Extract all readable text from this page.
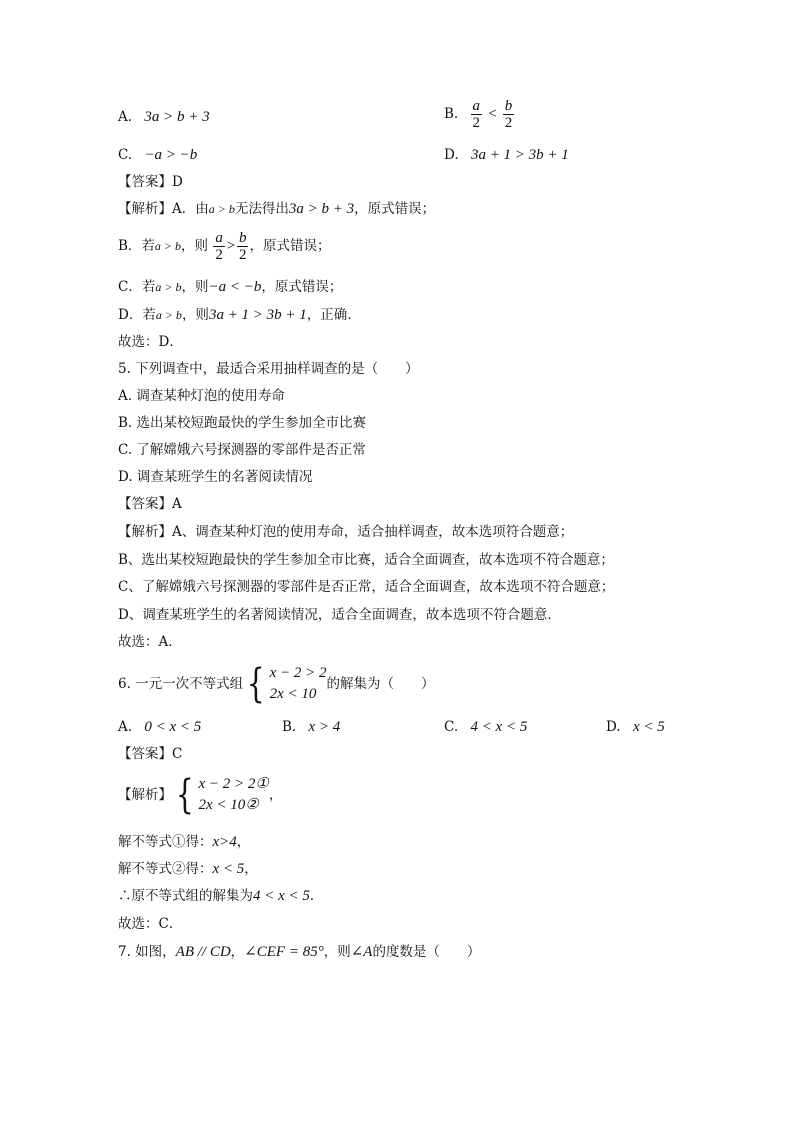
A. 3a > b + 3	B. $\frac{a}{2} < \frac{b}{2}$
C. −a > −b	D. 3a + 1 > 3b + 1
【答案】D
【解析】A．由a > b无法得出3a > b + 3，原式错误；
B．若a > b，则 $\frac{a}{2} > \frac{b}{2}$ ，原式错误；
C．若a > b，则−a < −b，原式错误；
D．若a > b，则3a + 1 > 3b + 1，正确．
故选：D．
5. 下列调查中，最适合采用抽样调查的是（　　）
A. 调查某种灯泡的使用寿命
B. 选出某校短跑最快的学生参加全市比赛
C. 了解嫦娥六号探测器的零部件是否正常
D. 调查某班学生的名著阅读情况
【答案】A
【解析】A、调查某种灯泡的使用寿命，适合抽样调查，故本选项符合题意；
B、选出某校短跑最快的学生参加全市比赛，适合全面调查，故本选项不符合题意；
C、了解嫦娥六号探测器的零部件是否正常，适合全面调查，故本选项不符合题意；
D、调查某班学生的名著阅读情况，适合全面调查，故本选项不符合题意．
故选：A．
6. 一元一次不等式组 { x − 2 > 2
2x < 10
的解集为（　　）
A. 0 < x < 5	B. x > 4	C. 4 < x < 5	D. x < 5
【答案】C
【解析】 { x − 2 > 2①
2x < 10②
，
解不等式①得：x>4，
解不等式②得：x < 5，
∴原不等式组的解集为4 < x < 5．
故选：C．
7. 如图，AB // CD，∠CEF = 85°，则∠A的度数是（　　）
